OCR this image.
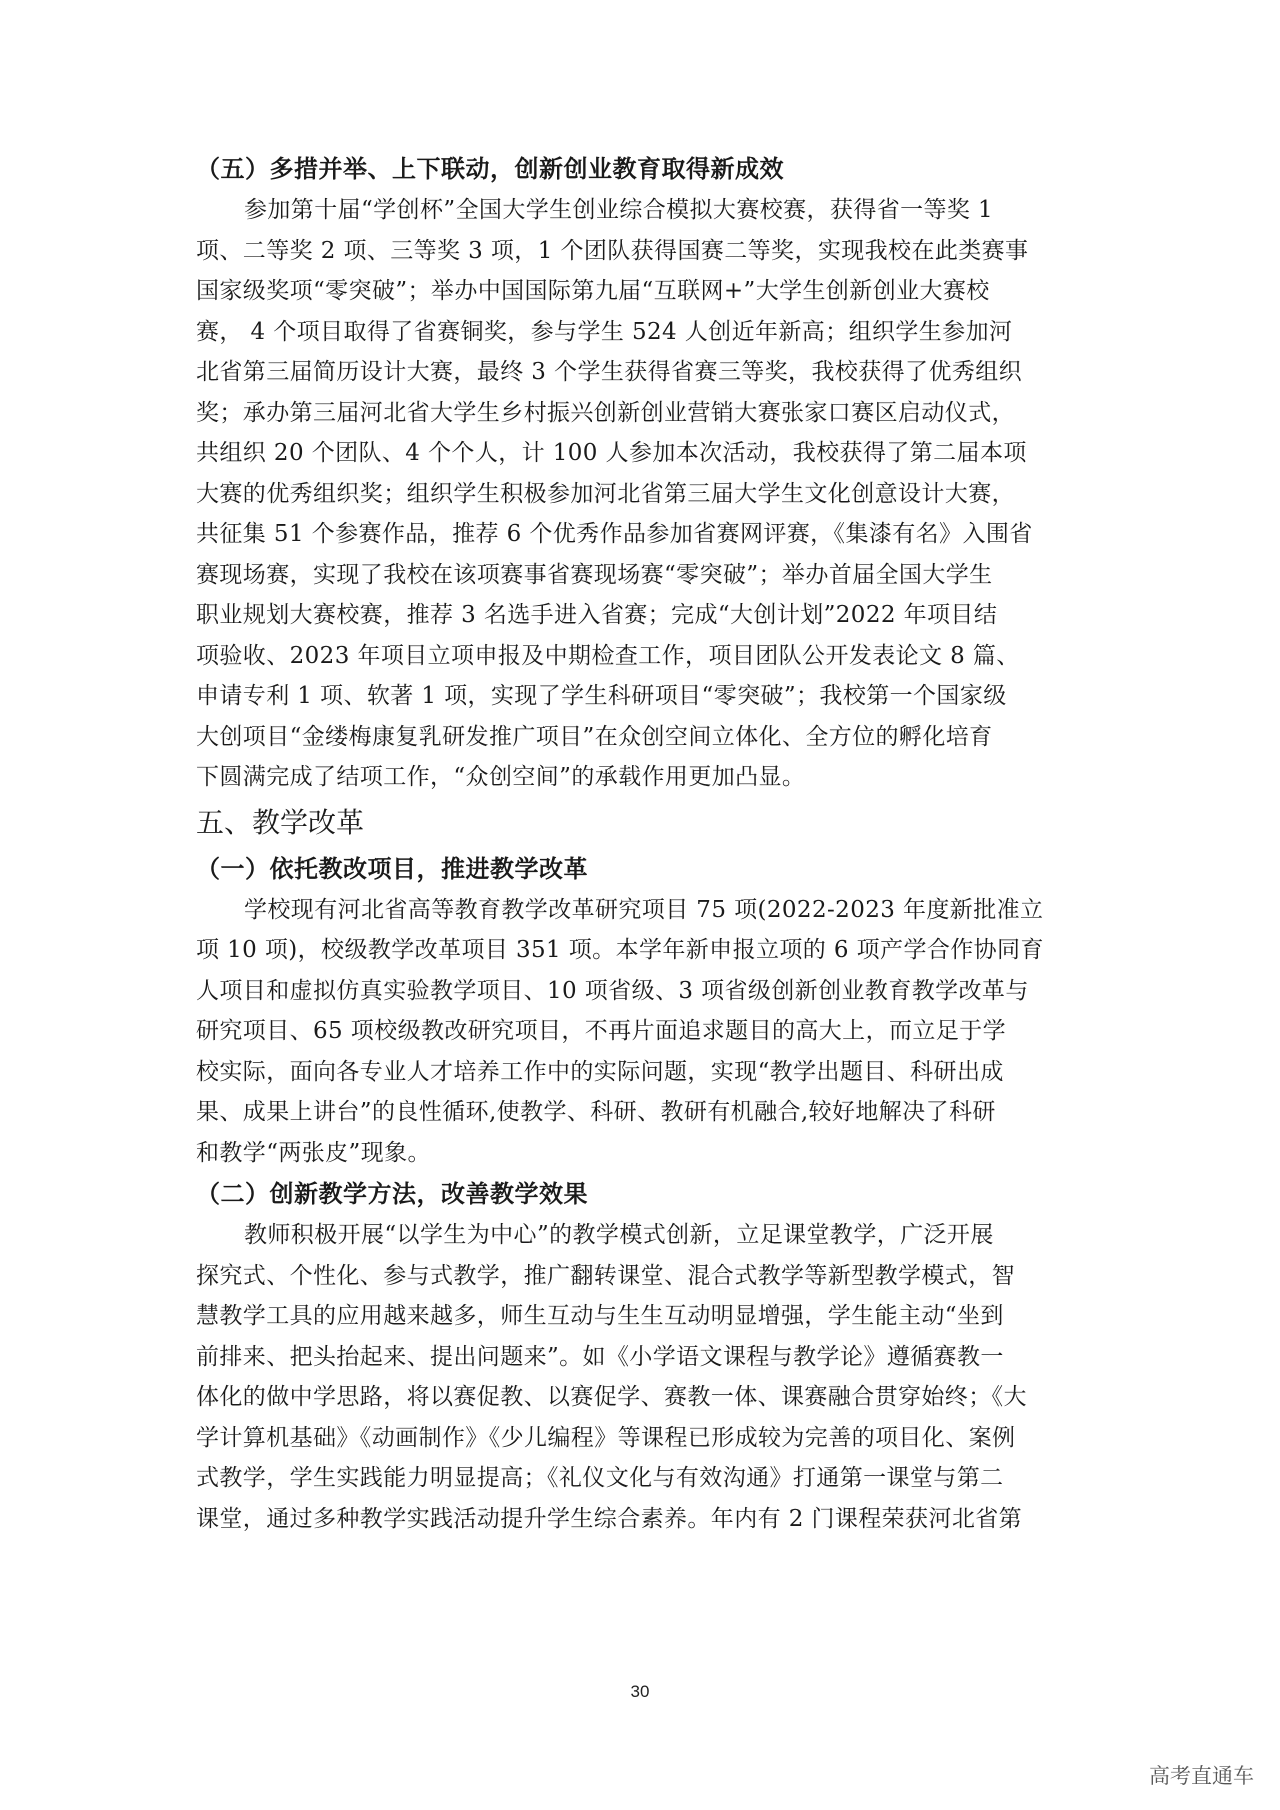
（五）多措并举、上下联动，创新创业教育取得新成效
参加第十届“学创杯”全国大学生创业综合模拟大赛校赛，获得省一等奖 1
项、二等奖 2 项、三等奖 3 项，1 个团队获得国赛二等奖，实现我校在此类赛事
国家级奖项“零突破”；举办中国国际第九届“互联网+”大学生创新创业大赛校
赛， 4 个项目取得了省赛铜奖，参与学生 524 人创近年新高；组织学生参加河
北省第三届简历设计大赛，最终 3 个学生获得省赛三等奖，我校获得了优秀组织
奖；承办第三届河北省大学生乡村振兴创新创业营销大赛张家口赛区启动仪式，
共组织 20 个团队、4 个个人，计 100 人参加本次活动，我校获得了第二届本项
大赛的优秀组织奖；组织学生积极参加河北省第三届大学生文化创意设计大赛，
共征集 51 个参赛作品，推荐 6 个优秀作品参加省赛网评赛，《集漆有名》入围省
赛现场赛，实现了我校在该项赛事省赛现场赛“零突破”；举办首届全国大学生
职业规划大赛校赛，推荐 3 名选手进入省赛；完成“大创计划”2022 年项目结
项验收、2023 年项目立项申报及中期检查工作，项目团队公开发表论文 8 篇、
申请专利 1 项、软著 1 项，实现了学生科研项目“零突破”；我校第一个国家级
大创项目“金缕梅康复乳研发推广项目”在众创空间立体化、全方位的孵化培育
下圆满完成了结项工作，“众创空间”的承载作用更加凸显。
五、教学改革
（一）依托教改项目，推进教学改革
学校现有河北省高等教育教学改革研究项目 75 项(2022-2023 年度新批准立
项 10 项)，校级教学改革项目 351 项。本学年新申报立项的 6 项产学合作协同育
人项目和虚拟仿真实验教学项目、10 项省级、3 项省级创新创业教育教学改革与
研究项目、65 项校级教改研究项目，不再片面追求题目的高大上，而立足于学
校实际，面向各专业人才培养工作中的实际问题，实现“教学出题目、科研出成
果、成果上讲台”的良性循环,使教学、科研、教研有机融合,较好地解决了科研
和教学“两张皮”现象。
（二）创新教学方法，改善教学效果
教师积极开展“以学生为中心”的教学模式创新，立足课堂教学，广泛开展
探究式、个性化、参与式教学，推广翻转课堂、混合式教学等新型教学模式，智
慧教学工具的应用越来越多，师生互动与生生互动明显增强，学生能主动“坐到
前排来、把头抬起来、提出问题来”。如《小学语文课程与教学论》遵循赛教一
体化的做中学思路，将以赛促教、以赛促学、赛教一体、课赛融合贯穿始终；《大
学计算机基础》《动画制作》《少儿编程》等课程已形成较为完善的项目化、案例
式教学，学生实践能力明显提高；《礼仪文化与有效沟通》打通第一课堂与第二
课堂，通过多种教学实践活动提升学生综合素养。年内有 2 门课程荣获河北省第
30
高考直通车
